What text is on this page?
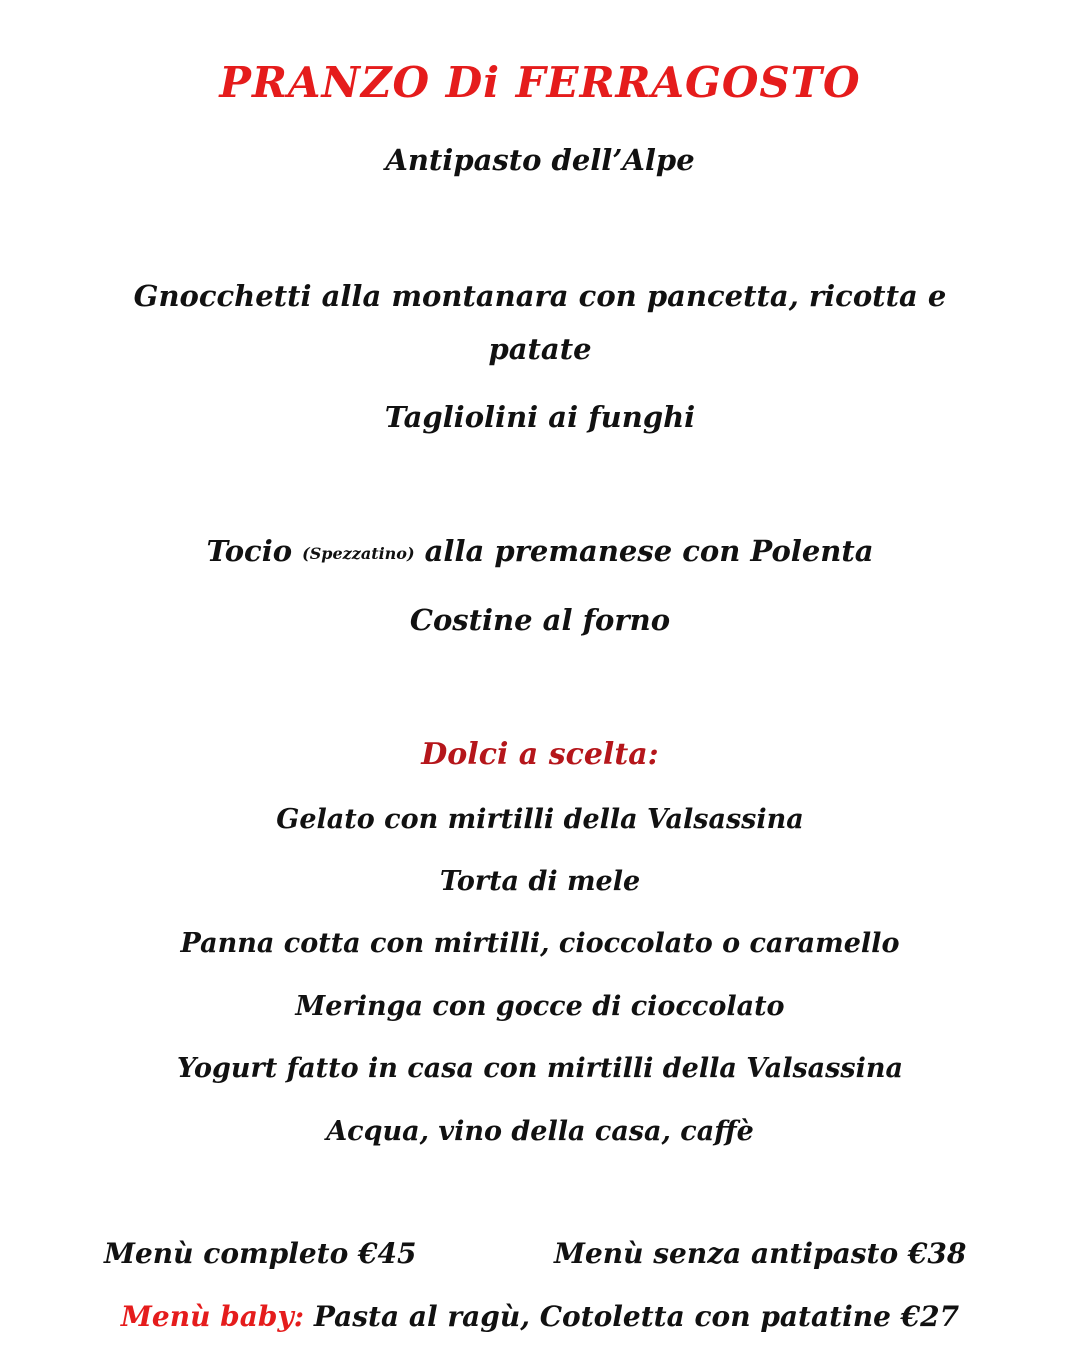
PRANZO Di FERRAGOSTO
Antipasto dell’Alpe
Gnocchetti alla montanara con pancetta, ricotta e
patate
Tagliolini ai funghi
Tocio (Spezzatino) alla premanese con Polenta
Costine al forno
Dolci a scelta:
Gelato con mirtilli della Valsassina
Torta di mele
Panna cotta con mirtilli, cioccolato o caramello
Meringa con gocce di cioccolato
Yogurt fatto in casa con mirtilli della Valsassina
Acqua, vino della casa, caffè
Menù completo €45	Menù senza antipasto €38
Menù baby: Pasta al ragù, Cotoletta con patatine €27
